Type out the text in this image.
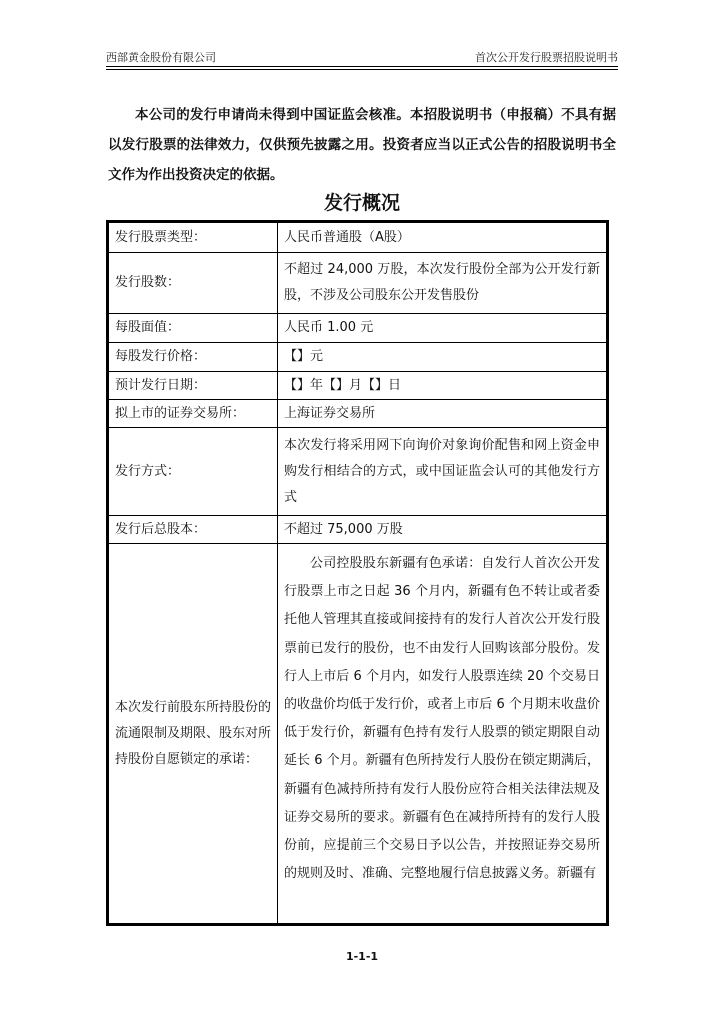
西部黄金股份有限公司	首次公开发行股票招股说明书
本公司的发行申请尚未得到中国证监会核准。本招股说明书（申报稿）不具有据以发行股票的法律效力，仅供预先披露之用。投资者应当以正式公告的招股说明书全文作为作出投资决定的依据。
发行概况
发行股票类型：	人民币普通股（A股）
发行股数：	不超过 24,000 万股，本次发行股份全部为公开发行新股，不涉及公司股东公开发售股份
每股面值：	人民币 1.00 元
每股发行价格：	【】元
预计发行日期：	【】年【】月【】日
拟上市的证券交易所：	上海证券交易所
发行方式：	本次发行将采用网下向询价对象询价配售和网上资金申购发行相结合的方式，或中国证监会认可的其他发行方式
发行后总股本：	不超过 75,000 万股
本次发行前股东所持股份的流通限制及期限、股东对所持股份自愿锁定的承诺：	公司控股股东新疆有色承诺：自发行人首次公开发行股票上市之日起 36 个月内，新疆有色不转让或者委托他人管理其直接或间接持有的发行人首次公开发行股票前已发行的股份，也不由发行人回购该部分股份。发行人上市后 6 个月内，如发行人股票连续 20 个交易日的收盘价均低于发行价，或者上市后 6 个月期末收盘价低于发行价，新疆有色持有发行人股票的锁定期限自动延长 6 个月。新疆有色所持发行人股份在锁定期满后，新疆有色减持所持有发行人股份应符合相关法律法规及证券交易所的要求。新疆有色在减持所持有的发行人股份前，应提前三个交易日予以公告，并按照证券交易所的规则及时、准确、完整地履行信息披露义务。新疆有
1-1-1
